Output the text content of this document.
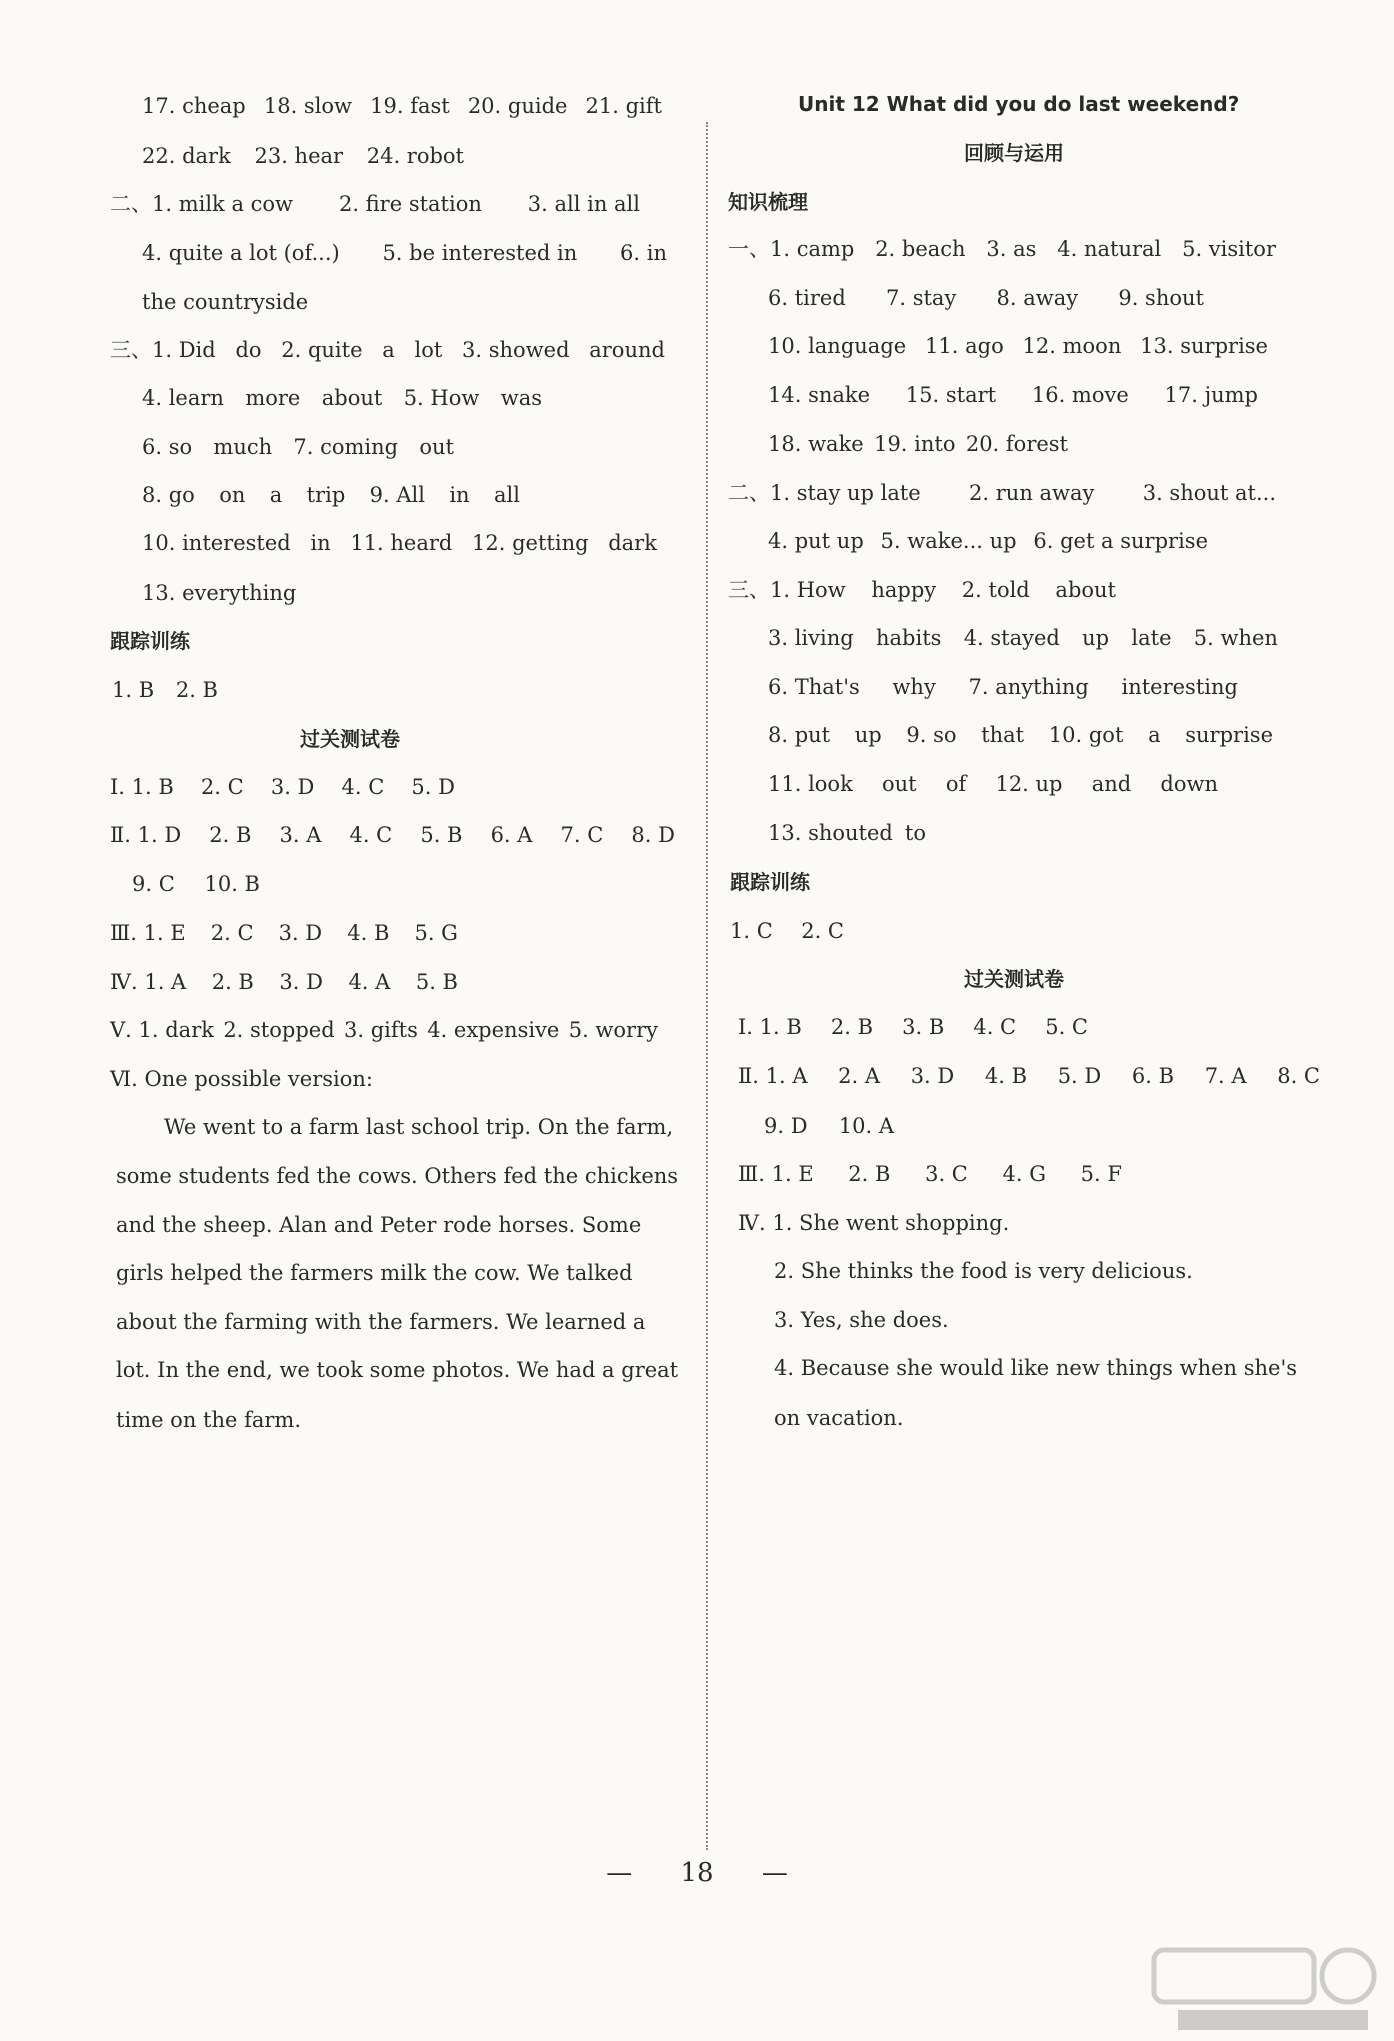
17. cheap 18. slow 19. fast 20. guide 21. gift
22. dark 23. hear 24. robot
二、1. milk a cow 2. fire station 3. all in all
4. quite a lot (of...) 5. be interested in 6. in
the countryside
三、1. Did do 2. quite a lot 3. showed around
4. learn more about 5. How was
6. so much 7. coming out
8. go on a trip 9. All in all
10. interested in 11. heard 12. getting dark
13. everything
跟踪训练
1. B 2. B
过关测试卷
Ⅰ. 1. B 2. C 3. D 4. C 5. D
Ⅱ. 1. D 2. B 3. A 4. C 5. B 6. A 7. C 8. D
9. C 10. B
Ⅲ. 1. E 2. C 3. D 4. B 5. G
Ⅳ. 1. A 2. B 3. D 4. A 5. B
Ⅴ. 1. dark 2. stopped 3. gifts 4. expensive 5. worry
Ⅵ. One possible version:
We went to a farm last school trip. On the farm,
some students fed the cows. Others fed the chickens
and the sheep. Alan and Peter rode horses. Some
girls helped the farmers milk the cow. We talked
about the farming with the farmers. We learned a
lot. In the end, we took some photos. We had a great
time on the farm.
Unit 12 What did you do last weekend?
回顾与运用
知识梳理
一、1. camp 2. beach 3. as 4. natural 5. visitor
6. tired 7. stay 8. away 9. shout
10. language 11. ago 12. moon 13. surprise
14. snake 15. start 16. move 17. jump
18. wake 19. into 20. forest
二、1. stay up late 2. run away 3. shout at...
4. put up 5. wake... up 6. get a surprise
三、1. How happy 2. told about
3. living habits 4. stayed up late 5. when
6. That's why 7. anything interesting
8. put up 9. so that 10. got a surprise
11. look out of 12. up and down
13. shouted to
跟踪训练
1. C 2. C
过关测试卷
Ⅰ. 1. B 2. B 3. B 4. C 5. C
Ⅱ. 1. A 2. A 3. D 4. B 5. D 6. B 7. A 8. C
9. D 10. A
Ⅲ. 1. E 2. B 3. C 4. G 5. F
Ⅳ. 1. She went shopping.
2. She thinks the food is very delicious.
3. Yes, she does.
4. Because she would like new things when she's
on vacation.
— 18 —
